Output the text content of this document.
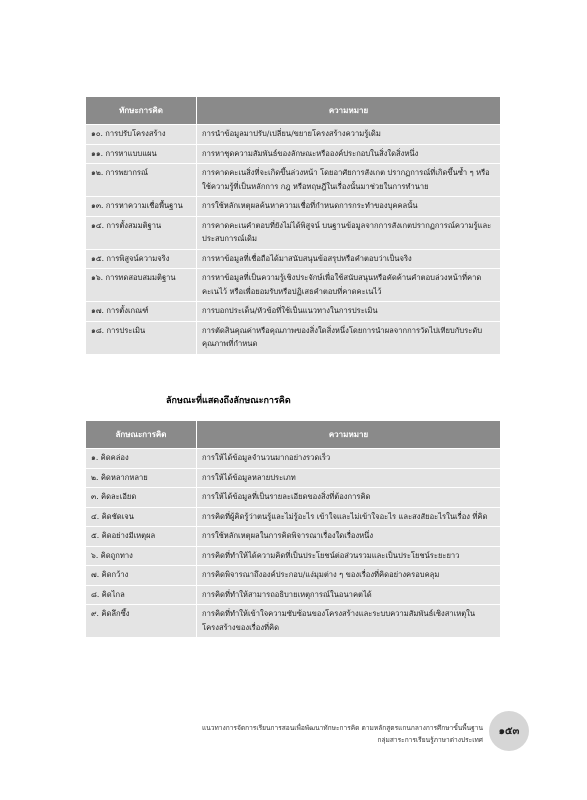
ทักษะการคิด	ความหมาย
๑๐. การปรับโครงสร้าง	การนำข้อมูลมาปรับ/เปลี่ยน/ขยายโครงสร้างความรู้เดิม
๑๑. การหาแบบแผน	การหาชุดความสัมพันธ์ของลักษณะหรือองค์ประกอบในสิ่งใดสิ่งหนึ่ง
๑๒. การพยากรณ์	การคาดคะเนสิ่งที่จะเกิดขึ้นล่วงหน้า โดยอาศัยการสังเกต ปรากฏการณ์ที่เกิดขึ้นซ้ำ ๆ หรือใช้ความรู้ที่เป็นหลักการ กฎ หรือทฤษฎีในเรื่องนั้นมาช่วยในการทำนาย
๑๓. การหาความเชื่อพื้นฐาน	การใช้หลักเหตุผลค้นหาความเชื่อที่กำหนดการกระทำของบุคคลนั้น
๑๔. การตั้งสมมติฐาน	การคาดคะเนคำตอบที่ยังไม่ได้พิสูจน์ บนฐานข้อมูลจากการสังเกตปรากฏการณ์ความรู้และประสบการณ์เดิม
๑๕. การพิสูจน์ความจริง	การหาข้อมูลที่เชื่อถือได้มาสนับสนุนข้อสรุปหรือคำตอบว่าเป็นจริง
๑๖. การทดสอบสมมติฐาน	การหาข้อมูลที่เป็นความรู้เชิงประจักษ์เพื่อใช้สนับสนุนหรือคัดค้านคำตอบล่วงหน้าที่คาดคะเนไว้ หรือเพื่อยอมรับหรือปฏิเสธคำตอบที่คาดคะเนไว้
๑๗. การตั้งเกณฑ์	การบอกประเด็น/หัวข้อที่ใช้เป็นแนวทางในการประเมิน
๑๘. การประเมิน	การตัดสินคุณค่าหรือคุณภาพของสิ่งใดสิ่งหนึ่งโดยการนำผลจากการวัดไปเทียบกับระดับคุณภาพที่กำหนด
ลักษณะที่แสดงถึงลักษณะการคิด
ลักษณะการคิด	ความหมาย
๑. คิดคล่อง	การให้ได้ข้อมูลจำนวนมากอย่างรวดเร็ว
๒. คิดหลากหลาย	การให้ได้ข้อมูลหลายประเภท
๓. คิดละเอียด	การให้ได้ข้อมูลที่เป็นรายละเอียดของสิ่งที่ต้องการคิด
๔. คิดชัดเจน	การคิดที่ผู้คิดรู้ว่าตนรู้และไม่รู้อะไร เข้าใจและไม่เข้าใจอะไร และสงสัยอะไรในเรื่อง ที่คิด
๕. คิดอย่างมีเหตุผล	การใช้หลักเหตุผลในการคิดพิจารณาเรื่องใดเรื่องหนึ่ง
๖. คิดถูกทาง	การคิดที่ทำให้ได้ความคิดที่เป็นประโยชน์ต่อส่วนรวมและเป็นประโยชน์ระยะยาว
๗. คิดกว้าง	การคิดพิจารณาถึงองค์ประกอบ/แง่มุมต่าง ๆ ของเรื่องที่คิดอย่างครอบคลุม
๘. คิดไกล	การคิดที่ทำให้สามารถอธิบายเหตุการณ์ในอนาคตได้
๙. คิดลึกซึ้ง	การคิดที่ทำให้เข้าใจความซับซ้อนของโครงสร้างและระบบความสัมพันธ์เชิงสาเหตุในโครงสร้างของเรื่องที่คิด
แนวทางการจัดการเรียนการสอนเพื่อพัฒนาทักษะการคิด ตามหลักสูตรแกนกลางการศึกษาขั้นพื้นฐาน
กลุ่มสาระการเรียนรู้ภาษาต่างประเทศ
๑๕๓
